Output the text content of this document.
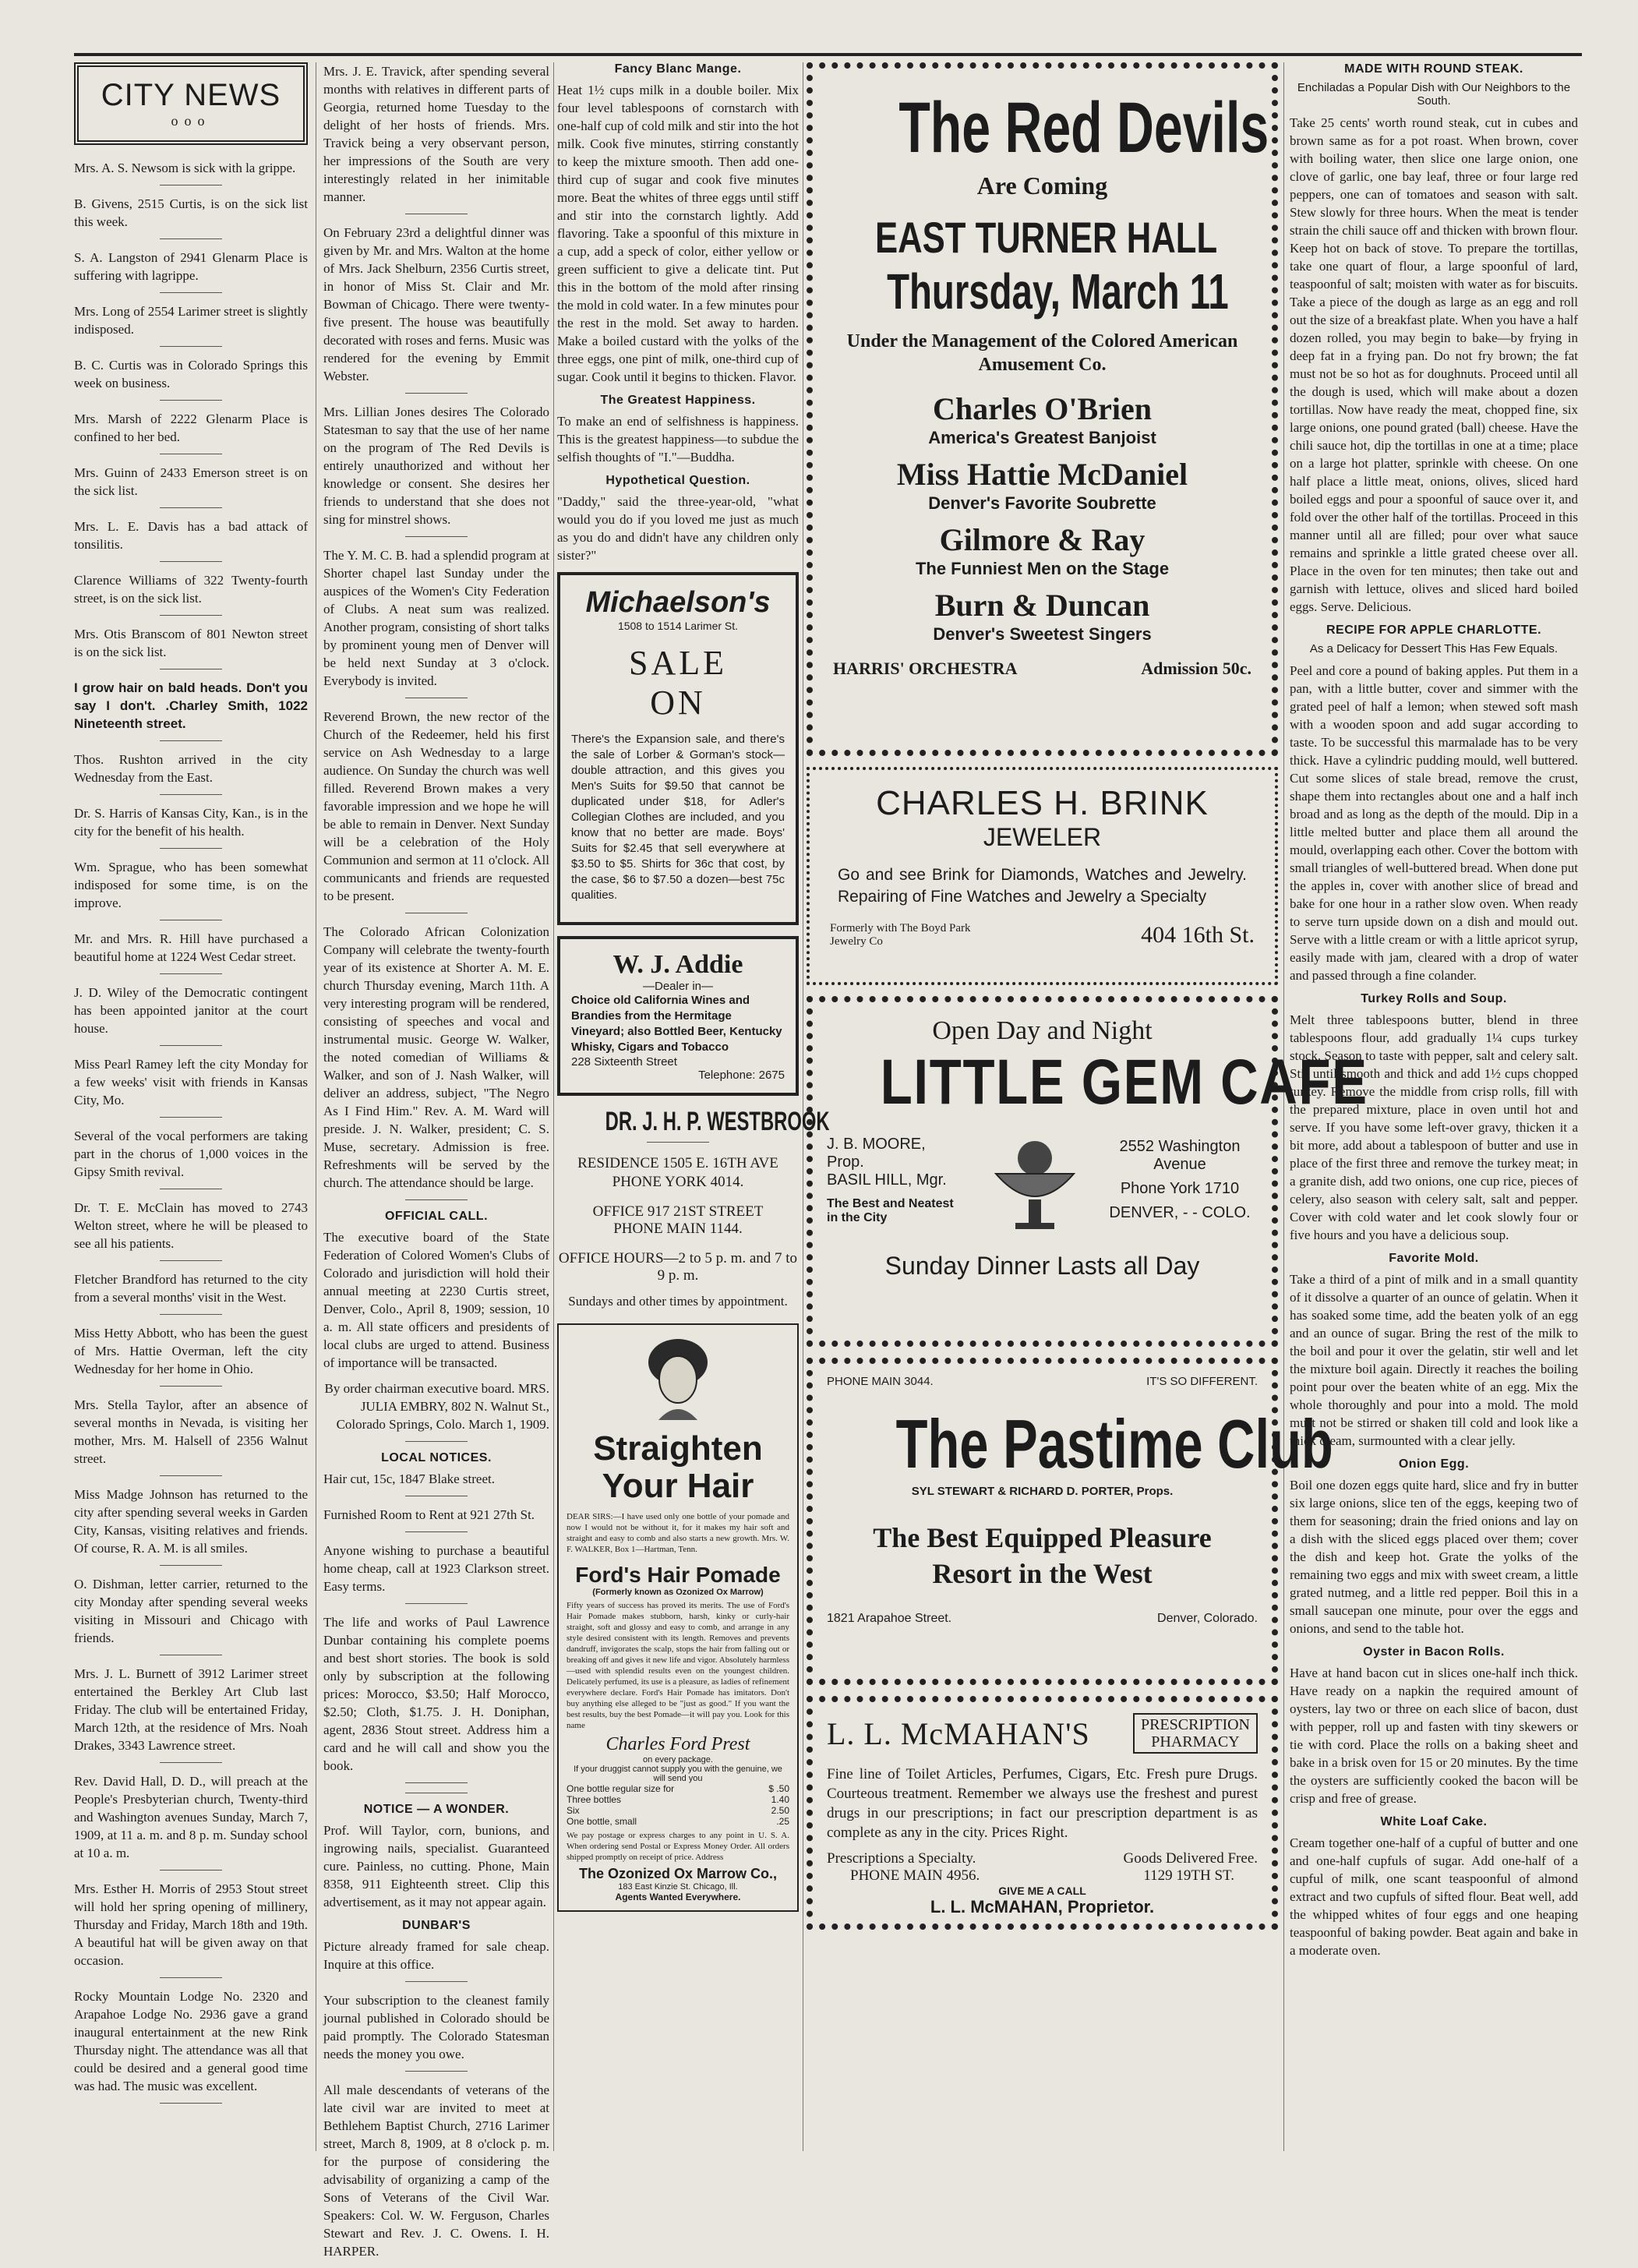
CITY NEWS
ooo

Mrs. A. S. Newsom is sick with la grippe.

B. Givens, 2515 Curtis, is on the sick list this week.

S. A. Langston of 2941 Glenarm Place is suffering with lagrippe.

Mrs. Long of 2554 Larimer street is slightly indisposed.

B. C. Curtis was in Colorado Springs this week on business.

Mrs. Marsh of 2222 Glenarm Place is confined to her bed.

Mrs. Guinn of 2433 Emerson street is on the sick list.

Mrs. L. E. Davis has a bad attack of tonsilitis.

Clarence Williams of 322 Twenty-fourth street, is on the sick list.

Mrs. Otis Branscom of 801 Newton street is on the sick list.

I grow hair on bald heads. Don't you say I don't. .Charley Smith, 1022 Nineteenth street.

Thos. Rushton arrived in the city Wednesday from the East.

Dr. S. Harris of Kansas City, Kan., is in the city for the benefit of his health.

Wm. Sprague, who has been somewhat indisposed for some time, is on the improve.

Mr. and Mrs. R. Hill have purchased a beautiful home at 1224 West Cedar street.

J. D. Wiley of the Democratic contingent has been appointed janitor at the court house.

Miss Pearl Ramey left the city Monday for a few weeks' visit with friends in Kansas City, Mo.

Several of the vocal performers are taking part in the chorus of 1,000 voices in the Gipsy Smith revival.

Dr. T. E. McClain has moved to 2743 Welton street, where he will be pleased to see all his patients.

Fletcher Brandford has returned to the city from a several months' visit in the West.

Miss Hetty Abbott, who has been the guest of Mrs. Hattie Overman, left the city Wednesday for her home in Ohio.

Mrs. Stella Taylor, after an absence of several months in Nevada, is visiting her mother, Mrs. M. Halsell of 2356 Walnut street.

Miss Madge Johnson has returned to the city after spending several weeks in Garden City, Kansas, visiting relatives and friends. Of course, R. A. M. is all smiles.

O. Dishman, letter carrier, returned to the city Monday after spending several weeks visiting in Missouri and Chicago with friends.

Mrs. J. L. Burnett of 3912 Larimer street entertained the Berkley Art Club last Friday. The club will be entertained Friday, March 12th, at the residence of Mrs. Noah Drakes, 3343 Lawrence street.

Rev. David Hall, D. D., will preach at the People's Presbyterian church, Twenty-third and Washington avenues Sunday, March 7, 1909, at 11 a. m. and 8 p. m. Sunday school at 10 a. m.

Mrs. Esther H. Morris of 2953 Stout street will hold her spring opening of millinery, Thursday and Friday, March 18th and 19th. A beautiful hat will be given away on that occasion.

Rocky Mountain Lodge No. 2320 and Arapahoe Lodge No. 2936 gave a grand inaugural entertainment at the new Rink Thursday night. The attendance was all that could be desired and a general good time was had. The music was excellent.

Mrs. J. E. Travick, after spending several months with relatives in different parts of Georgia, returned home Tuesday to the delight of her hosts of friends. Mrs. Travick being a very observant person, her impressions of the South are very interestingly related in her inimitable manner.

On February 23rd a delightful dinner was given by Mr. and Mrs. Walton at the home of Mrs. Jack Shelburn, 2356 Curtis street, in honor of Miss St. Clair and Mr. Bowman of Chicago. There were twenty-five present. The house was beautifully decorated with roses and ferns. Music was rendered for the evening by Emmit Webster.

Mrs. Lillian Jones desires The Colorado Statesman to say that the use of her name on the program of The Red Devils is entirely unauthorized and without her knowledge or consent. She desires her friends to understand that she does not sing for minstrel shows.

The Y. M. C. B. had a splendid program at Shorter chapel last Sunday under the auspices of the Women's City Federation of Clubs. A neat sum was realized. Another program, consisting of short talks by prominent young men of Denver will be held next Sunday at 3 o'clock. Everybody is invited.

Reverend Brown, the new rector of the Church of the Redeemer, held his first service on Ash Wednesday to a large audience. On Sunday the church was well filled. Reverend Brown makes a very favorable impression and we hope he will be able to remain in Denver. Next Sunday will be a celebration of the Holy Communion and sermon at 11 o'clock. All communicants and friends are requested to be present.

The Colorado African Colonization Company will celebrate the twenty-fourth year of its existence at Shorter A. M. E. church Thursday evening, March 11th. A very interesting program will be rendered, consisting of speeches and vocal and instrumental music. George W. Walker, the noted comedian of Williams & Walker, and son of J. Nash Walker, will deliver an address, subject, "The Negro As I Find Him." Rev. A. M. Ward will preside. J. N. Walker, president; C. S. Muse, secretary. Admission is free. Refreshments will be served by the church. The attendance should be large.

OFFICIAL CALL.

The executive board of the State Federation of Colored Women's Clubs of Colorado and jurisdiction will hold their annual meeting at 2230 Curtis street, Denver, Colo., April 8, 1909; session, 10 a. m. All state officers and presidents of local clubs are urged to attend. Business of importance will be transacted.

By order chairman executive board. MRS. JULIA EMBRY, 802 N. Walnut St., Colorado Springs, Colo. March 1, 1909.

LOCAL NOTICES.

Hair cut, 15c, 1847 Blake street.

Furnished Room to Rent at 921 27th St.

Anyone wishing to purchase a beautiful home cheap, call at 1923 Clarkson street. Easy terms.

The life and works of Paul Lawrence Dunbar containing his complete poems and best short stories. The book is sold only by subscription at the following prices: Morocco, $3.50; Half Morocco, $2.50; Cloth, $1.75. J. H. Doniphan, agent, 2836 Stout street. Address him a card and he will call and show you the book.

NOTICE — A WONDER.

Prof. Will Taylor, corn, bunions, and ingrowing nails, specialist. Guaranteed cure. Painless, no cutting. Phone, Main 8358, 911 Eighteenth street. Clip this advertisement, as it may not appear again.

DUNBAR'S

Picture already framed for sale cheap. Inquire at this office.

Your subscription to the cleanest family journal published in Colorado should be paid promptly. The Colorado Statesman needs the money you owe.

All male descendants of veterans of the late civil war are invited to meet at Bethlehem Baptist Church, 2716 Larimer street, March 8, 1909, at 8 o'clock p. m. for the purpose of considering the advisability of organizing a camp of the Sons of Veterans of the Civil War. Speakers: Col. W. W. Ferguson, Charles Stewart and Rev. J. C. Owens. I. H. HARPER.

Fancy Blanc Mange.

Heat 1½ cups milk in a double boiler. Mix four level tablespoons of cornstarch with one-half cup of cold milk and stir into the hot milk. Cook five minutes, stirring constantly to keep the mixture smooth. Then add one-third cup of sugar and cook five minutes more. Beat the whites of three eggs until stiff and stir into the cornstarch lightly. Add flavoring. Take a spoonful of this mixture in a cup, add a speck of color, either yellow or green sufficient to give a delicate tint. Put this in the bottom of the mold after rinsing the mold in cold water. In a few minutes pour the rest in the mold. Set away to harden. Make a boiled custard with the yolks of the three eggs, one pint of milk, one-third cup of sugar. Cook until it begins to thicken. Flavor.

The Greatest Happiness.

To make an end of selfishness is happiness. This is the greatest happiness—to subdue the selfish thoughts of "I."—Buddha.

Hypothetical Question.

"Daddy," said the three-year-old, "what would you do if you loved me just as much as you do and didn't have any children only sister?"

Michaelson's
1508 to 1514 Larimer St.
SALE
ON

There's the Expansion sale, and there's the sale of Lorber & Gorman's stock—double attraction, and this gives you Men's Suits for $9.50 that cannot be duplicated under $18, for Adler's Collegian Clothes are included, and you know that no better are made. Boys' Suits for $2.45 that sell everywhere at $3.50 to $5. Shirts for 36c that cost, by the case, $6 to $7.50 a dozen—best 75c qualities.

W. J. Addie
—Dealer in—
Choice old California Wines and Brandies from the Hermitage Vineyard; also Bottled Beer, Kentucky Whisky, Cigars and Tobacco
228 Sixteenth Street
Telephone: 2675
DR. J. H. P. WESTBROOK
RESIDENCE 1505 E. 16TH AVE
PHONE YORK 4014.
OFFICE 917 21ST STREET
PHONE MAIN 1144.
OFFICE HOURS—2 to 5 p. m. and 7 to 9 p. m.
Sundays and other times by appointment.
Straighten
Your Hair

DEAR SIRS:—I have used only one bottle of your pomade and now I would not be without it, for it makes my hair soft and straight and easy to comb and also starts a new growth. Mrs. W. F. WALKER, Box 1—Hartman, Tenn.

Ford's Hair Pomade
(Formerly known as Ozonized Ox Marrow)

Fifty years of success has proved its merits. The use of Ford's Hair Pomade makes stubborn, harsh, kinky or curly-hair straight, soft and glossy and easy to comb, and arrange in any style desired consistent with its length. Removes and prevents dandruff, invigorates the scalp, stops the hair from falling out or breaking off and gives it new life and vigor. Absolutely harmless—used with splendid results even on the youngest children. Delicately perfumed, its use is a pleasure, as ladies of refinement everywhere declare. Ford's Hair Pomade has imitators. Don't buy anything else alleged to be "just as good." If you want the best results, buy the best Pomade—it will pay you. Look for this name

Charles Ford Prest
on every package.
If your druggist cannot supply you with the genuine, we will send you
One bottle regular size for	$ .50
Three bottles	1.40
Six	2.50
One bottle, small	.25

We pay postage or express charges to any point in U. S. A. When ordering send Postal or Express Money Order. All orders shipped promptly on receipt of price. Address

The Ozonized Ox Marrow Co.,
183 East Kinzie St. Chicago, Ill.
Agents Wanted Everywhere.
The Red Devils
Are Coming
EAST TURNER HALL
Thursday, March 11
Under the Management of the Colored American Amusement Co.
Charles O'Brien
America's Greatest Banjoist
Miss Hattie McDaniel
Denver's Favorite Soubrette
Gilmore & Ray
The Funniest Men on the Stage
Burn & Duncan
Denver's Sweetest Singers
HARRIS' ORCHESTRA	Admission 50c.
CHARLES H. BRINK
JEWELER
Go and see Brink for Diamonds, Watches and Jewelry. Repairing of Fine Watches and Jewelry a Specialty
Formerly with The Boyd Park Jewelry Co	404 16th St.
Open Day and Night
LITTLE GEM CAFE
J. B. MOORE, Prop.
BASIL HILL, Mgr.
The Best and Neatest in the City
2552 Washington Avenue
Phone York 1710
DENVER, - - COLO.
Sunday Dinner Lasts all Day
PHONE MAIN 3044.	IT'S SO DIFFERENT.
The Pastime Club
SYL STEWART & RICHARD D. PORTER, Props.
The Best Equipped Pleasure Resort in the West
1821 Arapahoe Street.	Denver, Colorado.
L. L. McMAHAN'S	PRESCRIPTION
PHARMACY

Fine line of Toilet Articles, Perfumes, Cigars, Etc. Fresh pure Drugs. Courteous treatment. Remember we always use the freshest and purest drugs in our prescriptions; in fact our prescription department is as complete as any in the city. Prices Right.

Prescriptions a Specialty.	Goods Delivered Free.
PHONE MAIN 4956.	1129 19TH ST.
GIVE ME A CALL
L. L. McMAHAN, Proprietor.
MADE WITH ROUND STEAK.
Enchiladas a Popular Dish with Our Neighbors to the South.

Take 25 cents' worth round steak, cut in cubes and brown same as for a pot roast. When brown, cover with boiling water, then slice one large onion, one clove of garlic, one bay leaf, three or four large red peppers, one can of tomatoes and season with salt. Stew slowly for three hours. When the meat is tender strain the chili sauce off and thicken with brown flour. Keep hot on back of stove. To prepare the tortillas, take one quart of flour, a large spoonful of lard, teaspoonful of salt; moisten with water as for biscuits. Take a piece of the dough as large as an egg and roll out the size of a breakfast plate. When you have a half dozen rolled, you may begin to bake—by frying in deep fat in a frying pan. Do not fry brown; the fat must not be so hot as for doughnuts. Proceed until all the dough is used, which will make about a dozen tortillas. Now have ready the meat, chopped fine, six large onions, one pound grated (ball) cheese. Have the chili sauce hot, dip the tortillas in one at a time; place on a large hot platter, sprinkle with cheese. On one half place a little meat, onions, olives, sliced hard boiled eggs and pour a spoonful of sauce over it, and fold over the other half of the tortillas. Proceed in this manner until all are filled; pour over what sauce remains and sprinkle a little grated cheese over all. Place in the oven for ten minutes; then take out and garnish with lettuce, olives and sliced hard boiled eggs. Serve. Delicious.

RECIPE FOR APPLE CHARLOTTE.
As a Delicacy for Dessert This Has Few Equals.

Peel and core a pound of baking apples. Put them in a pan, with a little butter, cover and simmer with the grated peel of half a lemon; when stewed soft mash with a wooden spoon and add sugar according to taste. To be successful this marmalade has to be very thick. Have a cylindric pudding mould, well buttered. Cut some slices of stale bread, remove the crust, shape them into rectangles about one and a half inch broad and as long as the depth of the mould. Dip in a little melted butter and place them all around the mould, overlapping each other. Cover the bottom with small triangles of well-buttered bread. When done put the apples in, cover with another slice of bread and bake for one hour in a rather slow oven. When ready to serve turn upside down on a dish and mould out. Serve with a little cream or with a little apricot syrup, easily made with jam, cleared with a drop of water and passed through a fine colander.

Turkey Rolls and Soup.

Melt three tablespoons butter, blend in three tablespoons flour, add gradually 1¼ cups turkey stock. Season to taste with pepper, salt and celery salt. Stir until smooth and thick and add 1½ cups chopped turkey. Remove the middle from crisp rolls, fill with the prepared mixture, place in oven until hot and serve. If you have some left-over gravy, thicken it a bit more, add about a tablespoon of butter and use in place of the first three and remove the turkey meat; in a granite dish, add two onions, one cup rice, pieces of celery, also season with celery salt, salt and pepper. Cover with cold water and let cook slowly four or five hours and you have a delicious soup.

Favorite Mold.

Take a third of a pint of milk and in a small quantity of it dissolve a quarter of an ounce of gelatin. When it has soaked some time, add the beaten yolk of an egg and an ounce of sugar. Bring the rest of the milk to the boil and pour it over the gelatin, stir well and let the mixture boil again. Directly it reaches the boiling point pour over the beaten white of an egg. Mix the whole thoroughly and pour into a mold. The mold must not be stirred or shaken till cold and look like a thick cream, surmounted with a clear jelly.

Onion Egg.

Boil one dozen eggs quite hard, slice and fry in butter six large onions, slice ten of the eggs, keeping two of them for seasoning; drain the fried onions and lay on a dish with the sliced eggs placed over them; cover the dish and keep hot. Grate the yolks of the remaining two eggs and mix with sweet cream, a little grated nutmeg, and a little red pepper. Boil this in a small saucepan one minute, pour over the eggs and onions, and send to the table hot.

Oyster in Bacon Rolls.

Have at hand bacon cut in slices one-half inch thick. Have ready on a napkin the required amount of oysters, lay two or three on each slice of bacon, dust with pepper, roll up and fasten with tiny skewers or tie with cord. Place the rolls on a baking sheet and bake in a brisk oven for 15 or 20 minutes. By the time the oysters are sufficiently cooked the bacon will be crisp and free of grease.

White Loaf Cake.

Cream together one-half of a cupful of butter and one and one-half cupfuls of sugar. Add one-half of a cupful of milk, one scant teaspoonful of almond extract and two cupfuls of sifted flour. Beat well, add the whipped whites of four eggs and one heaping teaspoonful of baking powder. Beat again and bake in a moderate oven.
